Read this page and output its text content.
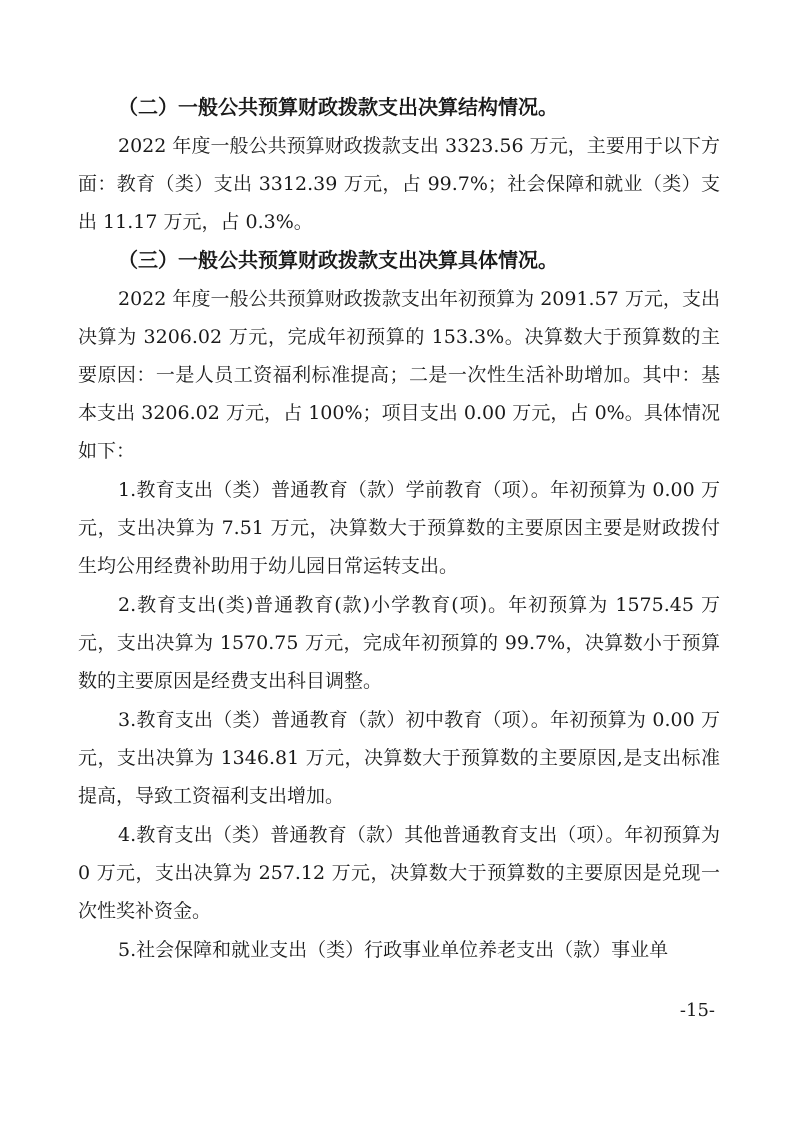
（二）一般公共预算财政拨款支出决算结构情况。

2022 年度一般公共预算财政拨款支出 3323.56 万元，主要用于以下方面：教育（类）支出 3312.39 万元，占 99.7%；社会保障和就业（类）支出 11.17 万元，占 0.3%。

（三）一般公共预算财政拨款支出决算具体情况。

2022 年度一般公共预算财政拨款支出年初预算为 2091.57 万元，支出决算为 3206.02 万元，完成年初预算的 153.3%。决算数大于预算数的主要原因：一是人员工资福利标准提高；二是一次性生活补助增加。其中：基本支出 3206.02 万元，占 100%；项目支出 0.00 万元，占 0%。具体情况如下：

1.教育支出（类）普通教育（款）学前教育（项）。年初预算为 0.00 万元，支出决算为 7.51 万元，决算数大于预算数的主要原因主要是财政拨付生均公用经费补助用于幼儿园日常运转支出。

2.教育支出(类)普通教育(款)小学教育(项)。年初预算为 1575.45 万元，支出决算为 1570.75 万元，完成年初预算的 99.7%，决算数小于预算数的主要原因是经费支出科目调整。

3.教育支出（类）普通教育（款）初中教育（项）。年初预算为 0.00 万元，支出决算为 1346.81 万元，决算数大于预算数的主要原因,是支出标准提高，导致工资福利支出增加。

4.教育支出（类）普通教育（款）其他普通教育支出（项）。年初预算为 0 万元，支出决算为 257.12 万元，决算数大于预算数的主要原因是兑现一次性奖补资金。

5.社会保障和就业支出（类）行政事业单位养老支出（款）事业单

-15-
